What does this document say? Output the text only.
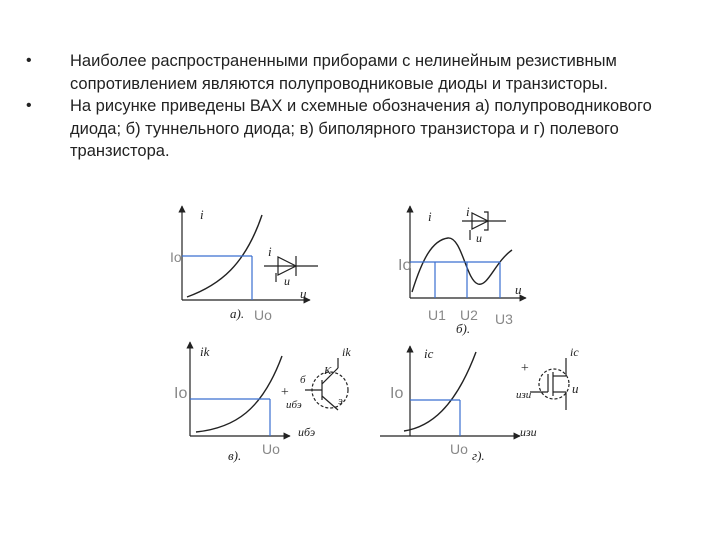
• Наиболее распространенными приборами с нелинейным резистивным сопротивлением являются полупроводниковые диоды и транзисторы.
• На рисунке приведены ВАХ и схемные обозначения а) полупроводникового диода; б) туннельного диода; в) биполярного транзистора и г) полевого транзистора.
i
u
Io
Uo
i
u
а).
i
u
Io
U1 U2 U3
i
u
б).
ik
uбэ
Io
Uo
ik
К
б
э
+
uбэ
в).
ic
uзи
Io
Uo
ic
+
uзи	u
г).
